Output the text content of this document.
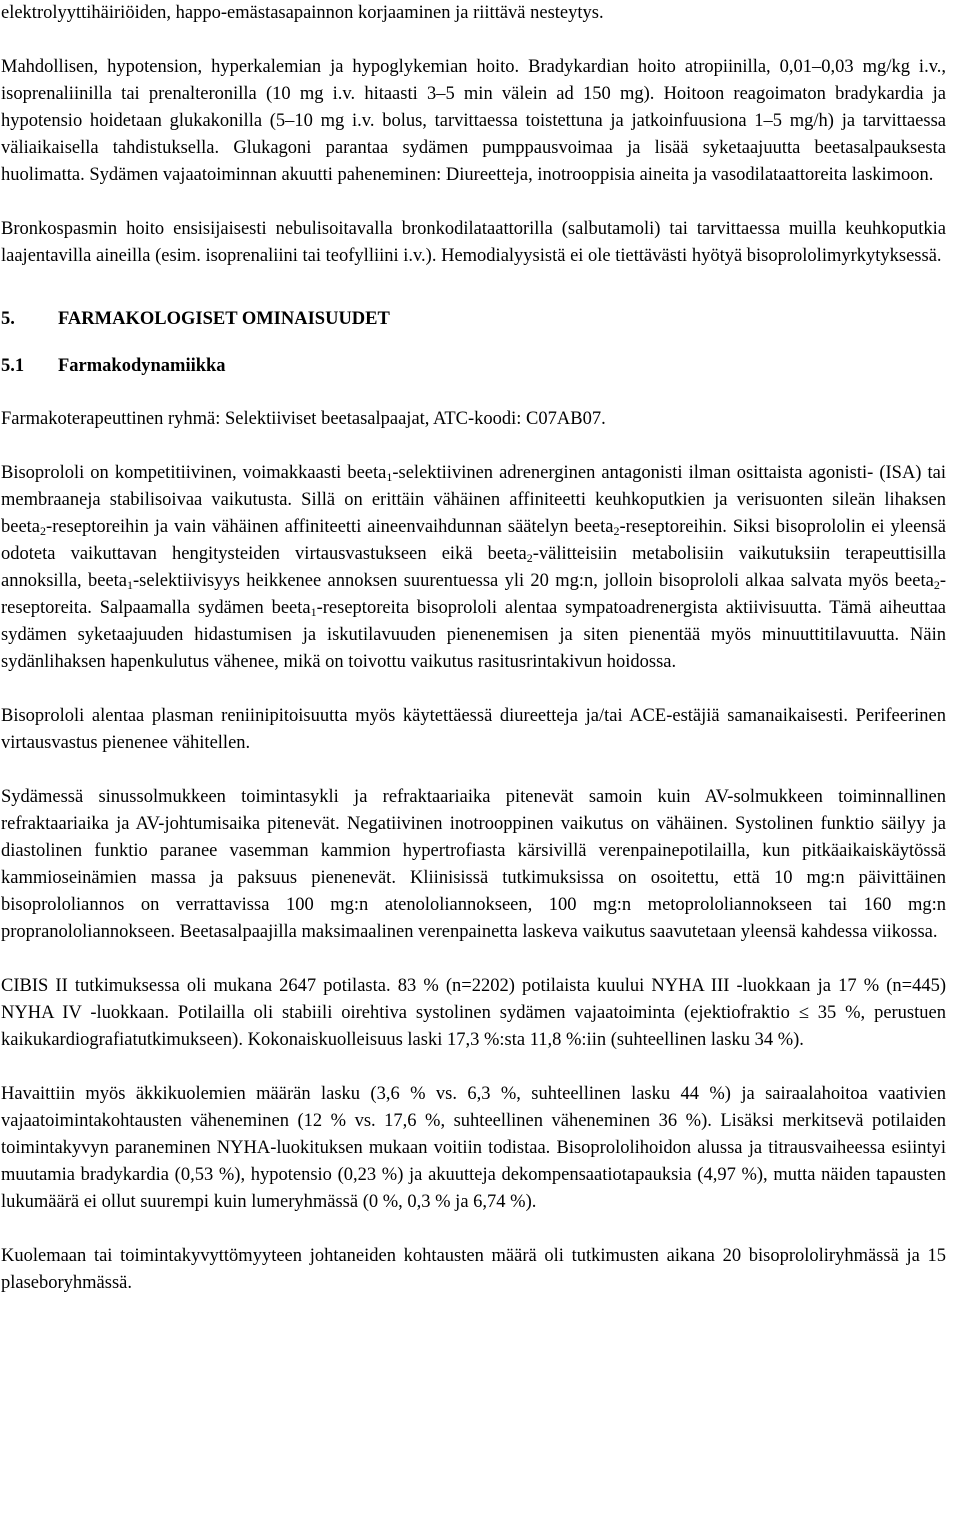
elektrolyyttihäiriöiden, happo-emästasapainnon korjaaminen ja riittävä nesteytys.

Mahdollisen, hypotension, hyperkalemian ja hypoglykemian hoito. Bradykardian hoito atropiinilla, 0,01–0,03 mg/kg i.v., isoprenaliinilla tai prenalteronilla (10 mg i.v. hitaasti 3–5 min välein ad 150 mg). Hoitoon reagoimaton bradykardia ja hypotensio hoidetaan glukakonilla (5–10 mg i.v. bolus, tarvittaessa toistettuna ja jatkoinfuusiona 1–5 mg/h) ja tarvittaessa väliaikaisella tahdistuksella. Glukagoni parantaa sydämen pumppausvoimaa ja lisää syketaajuutta beetasalpauksesta huolimatta. Sydämen vajaatoiminnan akuutti paheneminen: Diureetteja, inotrooppisia aineita ja vasodilataattoreita laskimoon.

Bronkospasmin hoito ensisijaisesti nebulisoitavalla bronkodilataattorilla (salbutamoli) tai tarvittaessa muilla keuhkoputkia laajentavilla aineilla (esim. isoprenaliini tai teofylliini i.v.). Hemodialyysistä ei ole tiettävästi hyötyä bisoprololimyrkytyksessä.

5. FARMAKOLOGISET OMINAISUUDET
5.1 Farmakodynamiikka

Farmakoterapeuttinen ryhmä: Selektiiviset beetasalpaajat, ATC-koodi: C07AB07.

Bisoprololi on kompetitiivinen, voimakkaasti beeta$_1$-selektiivinen adrenerginen antagonisti ilman osittaista agonisti- (ISA) tai membraaneja stabilisoivaa vaikutusta. Sillä on erittäin vähäinen affiniteetti keuhkoputkien ja verisuonten sileän lihaksen beeta$_2$-reseptoreihin ja vain vähäinen affiniteetti aineenvaihdunnan säätelyn beeta$_2$-reseptoreihin. Siksi bisoprololin ei yleensä odoteta vaikuttavan hengitysteiden virtausvastukseen eikä beeta$_2$-välitteisiin metabolisiin vaikutuksiin terapeuttisilla annoksilla, beeta$_1$-selektiivisyys heikkenee annoksen suurentuessa yli 20 mg:n, jolloin bisoprololi alkaa salvata myös beeta$_2$-reseptoreita. Salpaamalla sydämen beeta$_1$-reseptoreita bisoprololi alentaa sympatoadrenergista aktiivisuutta. Tämä aiheuttaa sydämen syketaajuuden hidastumisen ja iskutilavuuden pienenemisen ja siten pienentää myös minuuttitilavuutta. Näin sydänlihaksen hapenkulutus vähenee, mikä on toivottu vaikutus rasitusrintakivun hoidossa.

Bisoprololi alentaa plasman reniinipitoisuutta myös käytettäessä diureetteja ja/tai ACE-estäjiä samanaikaisesti. Perifeerinen virtausvastus pienenee vähitellen.

Sydämessä sinussolmukkeen toimintasykli ja refraktaariaika pitenevät samoin kuin AV-solmukkeen toiminnallinen refraktaariaika ja AV-johtumisaika pitenevät. Negatiivinen inotrooppinen vaikutus on vähäinen. Systolinen funktio säilyy ja diastolinen funktio paranee vasemman kammion hypertrofiasta kärsivillä verenpainepotilailla, kun pitkäaikaiskäytössä kammioseinämien massa ja paksuus pienenevät. Kliinisissä tutkimuksissa on osoitettu, että 10 mg:n päivittäinen bisoprololiannos on verrattavissa 100 mg:n atenololiannokseen, 100 mg:n metoprololiannokseen tai 160 mg:n propranololiannokseen. Beetasalpaajilla maksimaalinen verenpainetta laskeva vaikutus saavutetaan yleensä kahdessa viikossa.

CIBIS II tutkimuksessa oli mukana 2647 potilasta. 83 % (n=2202) potilaista kuului NYHA III -luokkaan ja 17 % (n=445) NYHA IV -luokkaan. Potilailla oli stabiili oirehtiva systolinen sydämen vajaatoiminta (ejektiofraktio ≤ 35 %, perustuen kaikukardiografiatutkimukseen). Kokonaiskuolleisuus laski 17,3 %:sta 11,8 %:iin (suhteellinen lasku 34 %).

Havaittiin myös äkkikuolemien määrän lasku (3,6 % vs. 6,3 %, suhteellinen lasku 44 %) ja sairaalahoitoa vaativien vajaatoimintakohtausten väheneminen (12 % vs. 17,6 %, suhteellinen väheneminen 36 %). Lisäksi merkitsevä potilaiden toimintakyvyn paraneminen NYHA-luokituksen mukaan voitiin todistaa. Bisoprololihoidon alussa ja titrausvaiheessa esiintyi muutamia bradykardia (0,53 %), hypotensio (0,23 %) ja akuutteja dekompensaatiotapauksia (4,97 %), mutta näiden tapausten lukumäärä ei ollut suurempi kuin lumeryhmässä (0 %, 0,3 % ja 6,74 %).

Kuolemaan tai toimintakyvyttömyyteen johtaneiden kohtausten määrä oli tutkimusten aikana 20 bisoprololiryhmässä ja 15 plaseboryhmässä.
